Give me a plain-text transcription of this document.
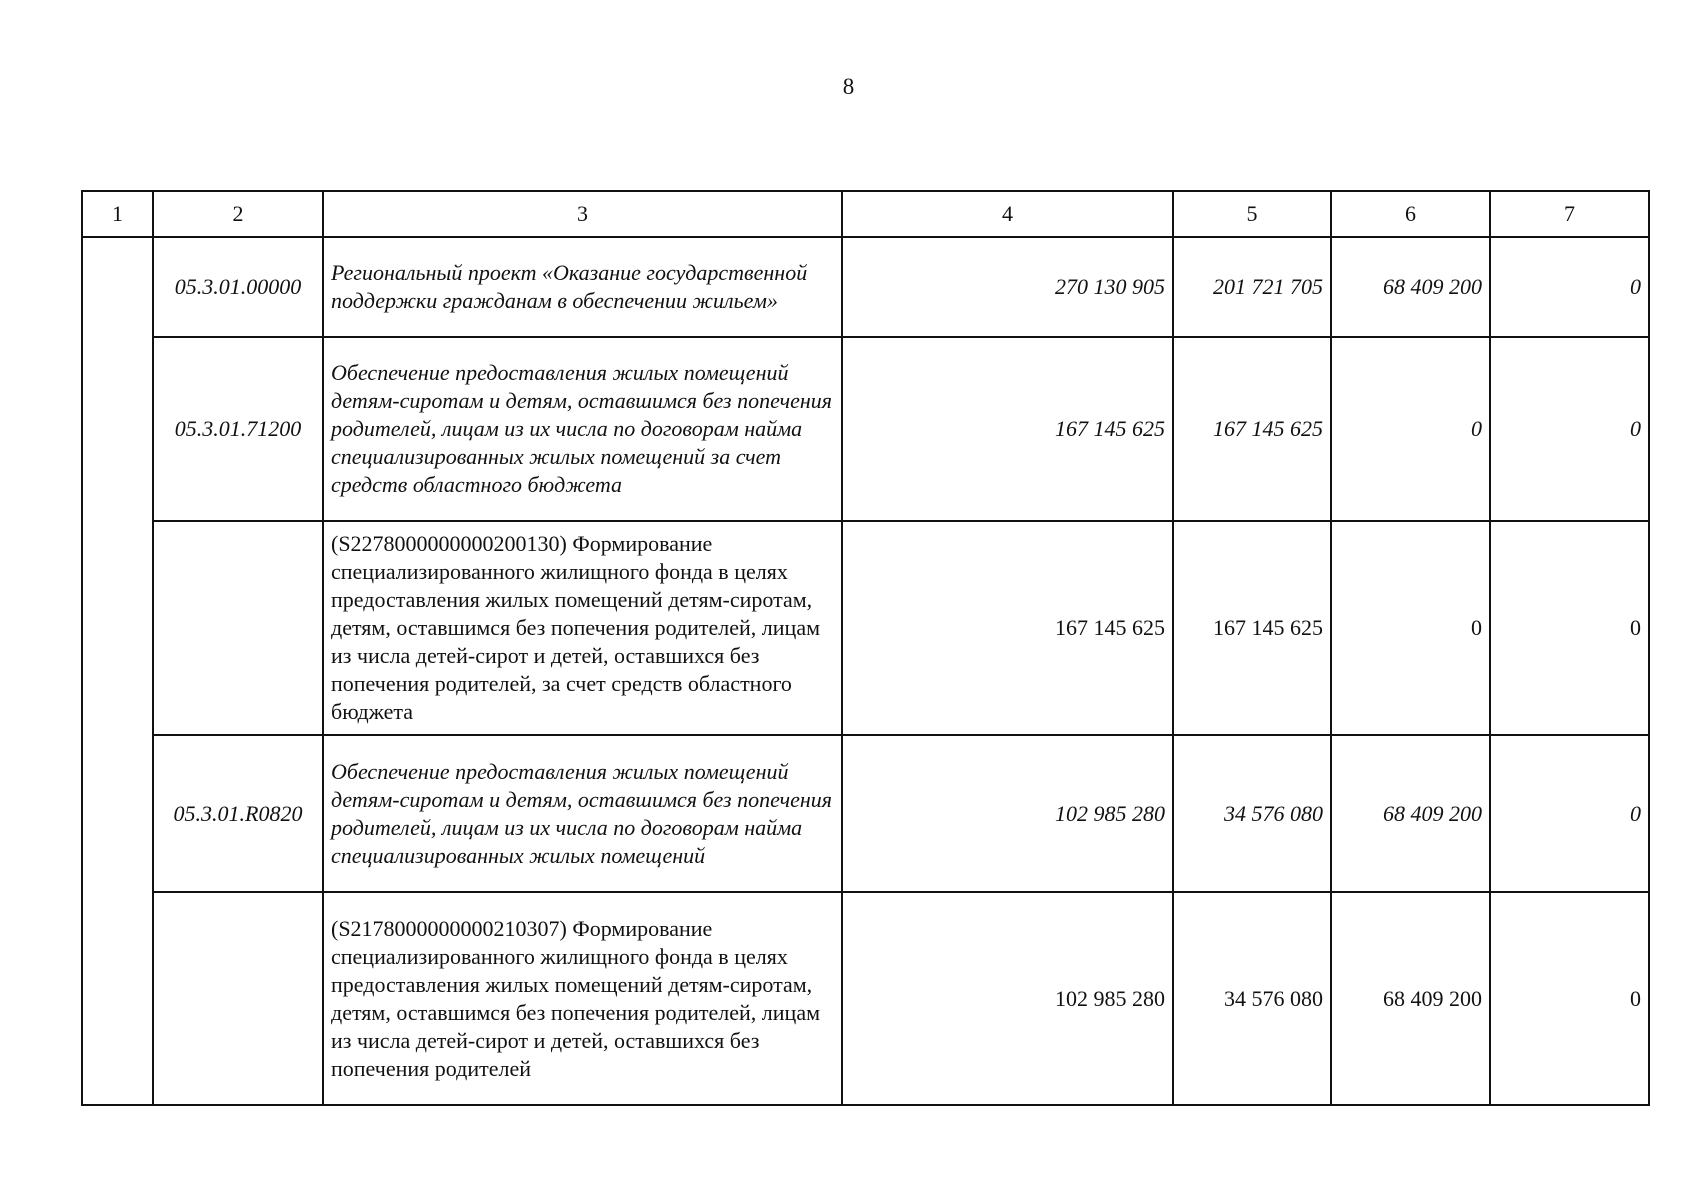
8
1	2	3	4	5	6	7
	05.3.01.00000	Региональный проект «Оказание государственной поддержки гражданам в обеспечении жильем»	270 130 905	201 721 705	68 409 200	0
	05.3.01.71200	Обеспечение предоставления жилых помещений детям-сиротам и детям, оставшимся без попечения родителей, лицам из их числа по договорам найма специализированных жилых помещений за счет средств областного бюджета	167 145 625	167 145 625	0	0
		(S2278000000000200130) Формирование специализированного жилищного фонда в целях предоставления жилых помещений детям-сиротам, детям, оставшимся без попечения родителей, лицам из числа детей-сирот и детей, оставшихся без попечения родителей, за счет средств областного бюджета	167 145 625	167 145 625	0	0
	05.3.01.R0820	Обеспечение предоставления жилых помещений детям-сиротам и детям, оставшимся без попечения родителей, лицам из их числа по договорам найма специализированных жилых помещений	102 985 280	34 576 080	68 409 200	0
		(S2178000000000210307) Формирование специализированного жилищного фонда в целях предоставления жилых помещений детям-сиротам, детям, оставшимся без попечения родителей, лицам из числа детей-сирот и детей, оставшихся без попечения родителей	102 985 280	34 576 080	68 409 200	0
